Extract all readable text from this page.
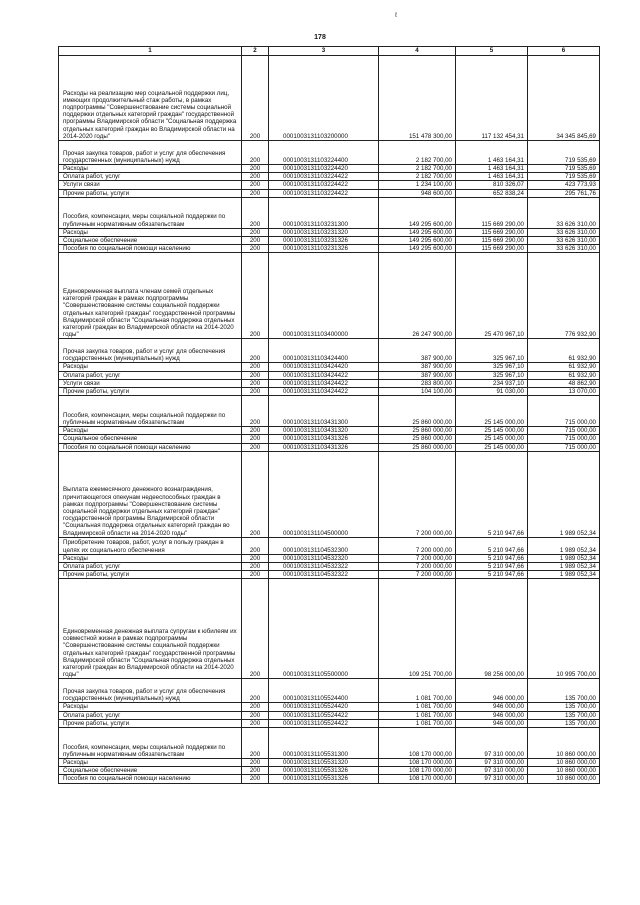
ℓ
178
1	2	3	4	5	6
Расходы на реализацию мер социальной поддержки лиц, имеющих продолжительный стаж работы, в рамках подпрограммы "Совершенствование системы социальной поддержки отдельных категорий граждан" государственной программы Владимирской области "Социальная поддержка отдельных категорий граждан во Владимирской области на 2014-2020 годы"	200	0001003131103200000	151 478 300,00	117 132 454,31	34 345 845,69
Прочая закупка товаров, работ и услуг для обеспечения государственных (муниципальных) нужд	200	0001003131103224400	2 182 700,00	1 463 164,31	719 535,69
Расходы	200	0001003131103224420	2 182 700,00	1 463 164,31	719 535,69
Оплата работ, услуг	200	0001003131103224422	2 182 700,00	1 463 164,31	719 535,69
Услуги связи	200	0001003131103224422	1 234 100,00	810 326,07	423 773,93
Прочие работы, услуги	200	0001003131103224422	948 600,00	652 838,24	295 761,76
Пособия, компенсации, меры социальной поддержки по публичным нормативным обязательствам	200	0001003131103231300	149 295 600,00	115 669 290,00	33 626 310,00
Расходы	200	0001003131103231320	149 295 600,00	115 669 290,00	33 626 310,00
Социальное обеспечение	200	0001003131103231326	149 295 600,00	115 669 290,00	33 626 310,00
Пособия по социальной помощи населению	200	0001003131103231326	149 295 600,00	115 669 290,00	33 626 310,00
Единовременная выплата членам семей отдельных категорий граждан в рамках подпрограммы "Совершенствование системы социальной поддержки отдельных категорий граждан" государственной программы Владимирской области "Социальная поддержка отдельных категорий граждан во Владимирской области на 2014-2020 годы"	200	0001003131103400000	26 247 900,00	25 470 967,10	776 932,90
Прочая закупка товаров, работ и услуг для обеспечения государственных (муниципальных) нужд	200	0001003131103424400	387 900,00	325 967,10	61 932,90
Расходы	200	0001003131103424420	387 900,00	325 967,10	61 932,90
Оплата работ, услуг	200	0001003131103424422	387 900,00	325 967,10	61 932,90
Услуги связи	200	0001003131103424422	283 800,00	234 937,10	48 862,90
Прочие работы, услуги	200	0001003131103424422	104 100,00	91 030,00	13 070,00
Пособия, компенсации, меры социальной поддержки по публичным нормативным обязательствам	200	0001003131103431300	25 860 000,00	25 145 000,00	715 000,00
Расходы	200	0001003131103431320	25 860 000,00	25 145 000,00	715 000,00
Социальное обеспечение	200	0001003131103431326	25 860 000,00	25 145 000,00	715 000,00
Пособия по социальной помощи населению	200	0001003131103431326	25 860 000,00	25 145 000,00	715 000,00
Выплата ежемесячного денежного вознаграждения, причитающегося опекунам недееспособных граждан в рамках подпрограммы "Совершенствование системы социальной поддержки отдельных категорий граждан" государственной программы Владимирской области "Социальная поддержка отдельных категорий граждан во Владимирской области на 2014-2020 годы"	200	0001003131104500000	7 200 000,00	5 210 947,66	1 989 052,34
Приобретение товаров, работ, услуг в пользу граждан в целях их социального обеспечения	200	0001003131104532300	7 200 000,00	5 210 947,66	1 989 052,34
Расходы	200	0001003131104532320	7 200 000,00	5 210 947,66	1 989 052,34
Оплата работ, услуг	200	0001003131104532322	7 200 000,00	5 210 947,66	1 989 052,34
Прочие работы, услуги	200	0001003131104532322	7 200 000,00	5 210 947,66	1 989 052,34
Единовременная денежная выплата супругам к юбилеям их совместной жизни в рамках подпрограммы "Совершенствование системы социальной поддержки отдельных категорий граждан" государственной программы Владимирской области "Социальная поддержка отдельных категорий граждан во Владимирской области на 2014-2020 годы"	200	0001003131105500000	109 251 700,00	98 256 000,00	10 995 700,00
Прочая закупка товаров, работ и услуг для обеспечения государственных (муниципальных) нужд	200	0001003131105524400	1 081 700,00	946 000,00	135 700,00
Расходы	200	0001003131105524420	1 081 700,00	946 000,00	135 700,00
Оплата работ, услуг	200	0001003131105524422	1 081 700,00	946 000,00	135 700,00
Прочие работы, услуги	200	0001003131105524422	1 081 700,00	946 000,00	135 700,00
Пособия, компенсации, меры социальной поддержки по публичным нормативным обязательствам	200	0001003131105531300	108 170 000,00	97 310 000,00	10 860 000,00
Расходы	200	0001003131105531320	108 170 000,00	97 310 000,00	10 860 000,00
Социальное обеспечение	200	0001003131105531326	108 170 000,00	97 310 000,00	10 860 000,00
Пособия по социальной помощи населению	200	0001003131105531326	108 170 000,00	97 310 000,00	10 860 000,00
